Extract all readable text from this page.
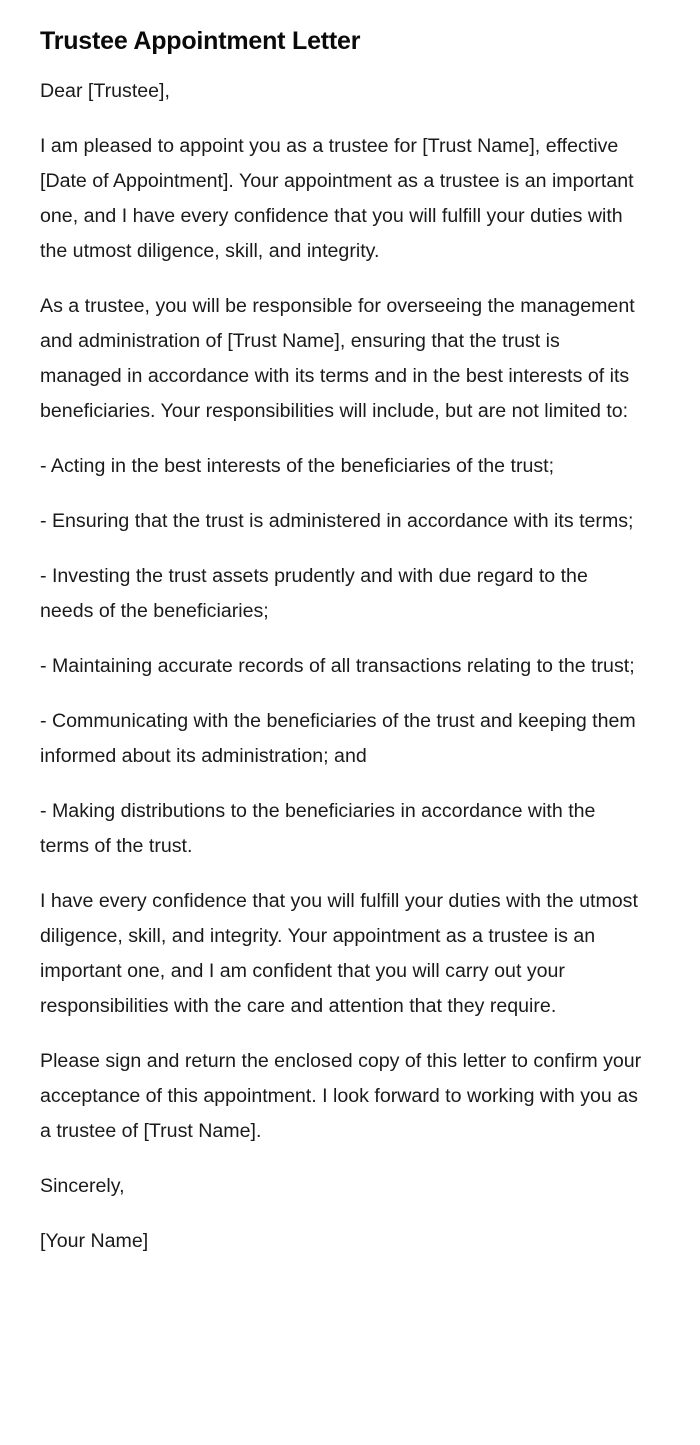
Trustee Appointment Letter

Dear [Trustee],

I am pleased to appoint you as a trustee for [Trust Name], effective [Date of Appointment]. Your appointment as a trustee is an important one, and I have every confidence that you will fulfill your duties with the utmost diligence, skill, and integrity.

As a trustee, you will be responsible for overseeing the management and administration of [Trust Name], ensuring that the trust is managed in accordance with its terms and in the best interests of its beneficiaries. Your responsibilities will include, but are not limited to:

- Acting in the best interests of the beneficiaries of the trust;

- Ensuring that the trust is administered in accordance with its terms;

- Investing the trust assets prudently and with due regard to the needs of the beneficiaries;

- Maintaining accurate records of all transactions relating to the trust;

- Communicating with the beneficiaries of the trust and keeping them informed about its administration; and

- Making distributions to the beneficiaries in accordance with the terms of the trust.

I have every confidence that you will fulfill your duties with the utmost diligence, skill, and integrity. Your appointment as a trustee is an important one, and I am confident that you will carry out your responsibilities with the care and attention that they require.

Please sign and return the enclosed copy of this letter to confirm your acceptance of this appointment. I look forward to working with you as a trustee of [Trust Name].

Sincerely,

[Your Name]
